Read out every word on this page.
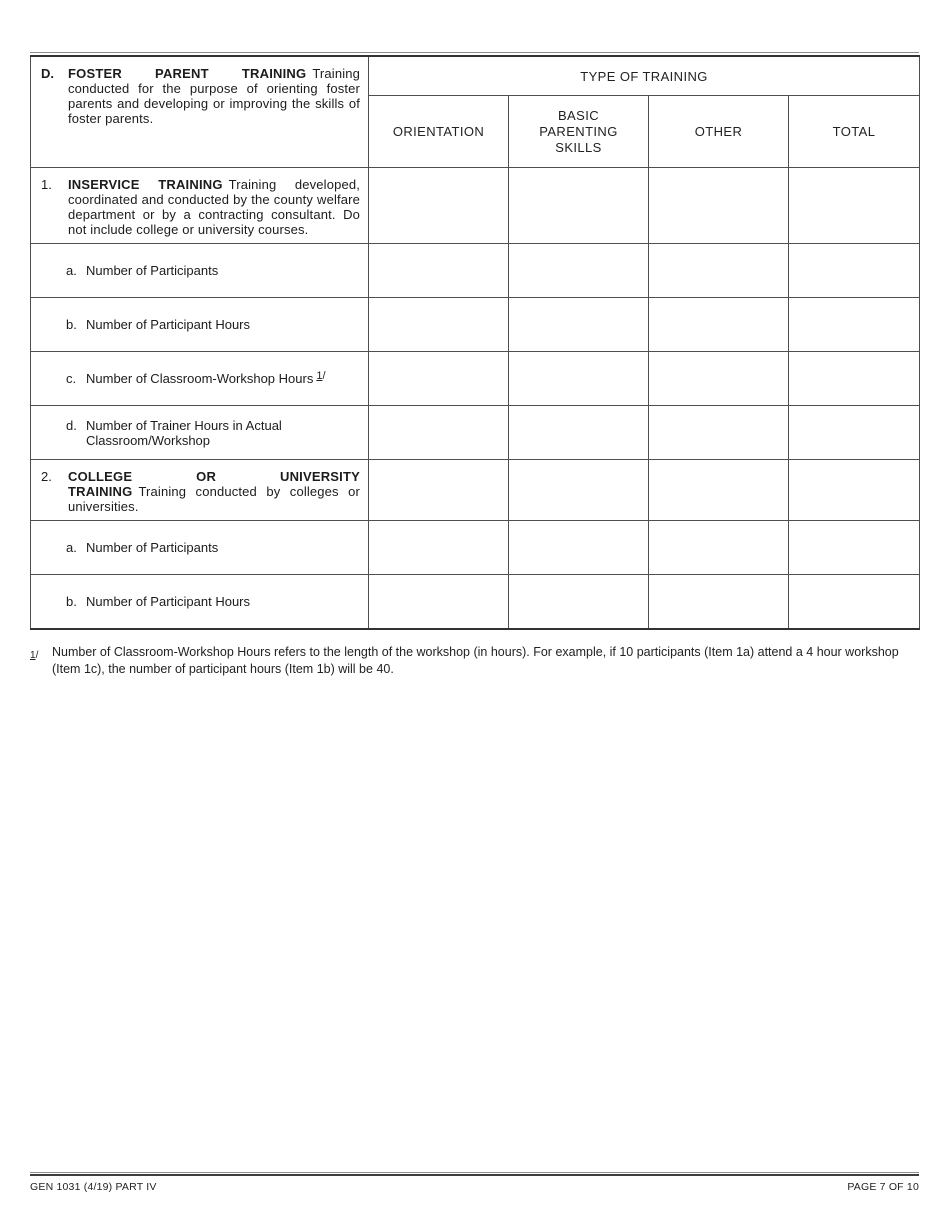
D. FOSTER PARENT TRAINING Training conducted for the purpose of orienting foster parents and developing or improving the skills of foster parents.	TYPE OF TRAINING			
	ORIENTATION	BASIC PARENTING SKILLS	OTHER	TOTAL

1. INSERVICE TRAINING Training developed, coordinated and conducted by the county welfare department or by a contracting consultant. Do not include college or university courses.				

a. Number of Participants				

b. Number of Participant Hours				

c. Number of Classroom-Workshop Hours $^{1/}$

d. Number of Trainer Hours in Actual Classroom/Workshop				

2. COLLEGE OR UNIVERSITY TRAINING Training conducted by colleges or universities.				

a. Number of Participants				

b. Number of Participant Hours				

1/	Number of Classroom-Workshop Hours refers to the length of the workshop (in hours). For example, if 10 participants (Item 1a) attend a 4 hour workshop (Item 1c), the number of participant hours (Item 1b) will be 40.
GEN 1031 (4/19) PART IV	PAGE 7 OF 10
